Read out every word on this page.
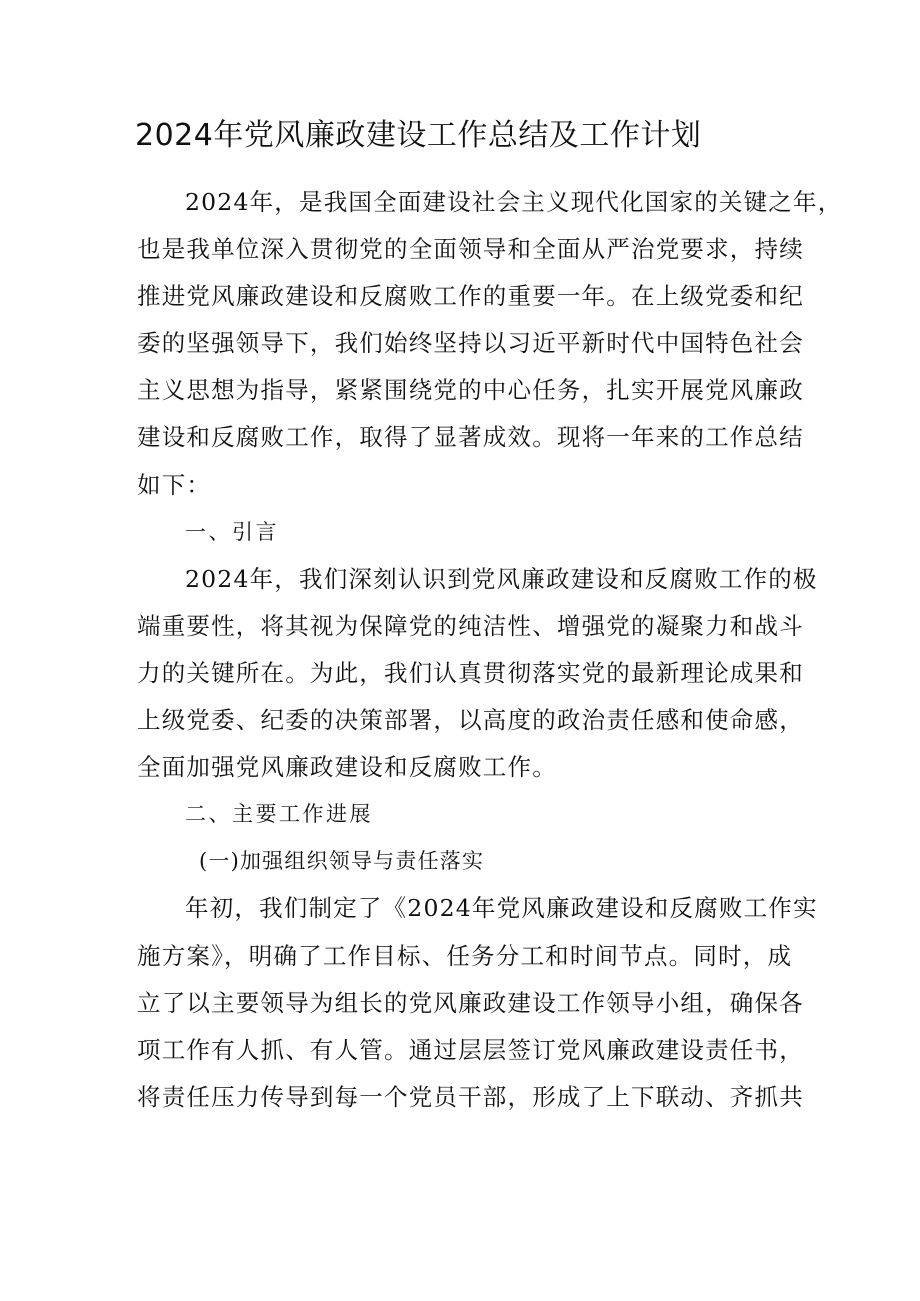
2024年党风廉政建设工作总结及工作计划

2024年，是我国全面建设社会主义现代化国家的关键之年，
也是我单位深入贯彻党的全面领导和全面从严治党要求，持续
推进党风廉政建设和反腐败工作的重要一年。在上级党委和纪
委的坚强领导下，我们始终坚持以习近平新时代中国特色社会
主义思想为指导，紧紧围绕党的中心任务，扎实开展党风廉政
建设和反腐败工作，取得了显著成效。现将一年来的工作总结
如下：

一、引言

2024年，我们深刻认识到党风廉政建设和反腐败工作的极
端重要性，将其视为保障党的纯洁性、增强党的凝聚力和战斗
力的关键所在。为此，我们认真贯彻落实党的最新理论成果和
上级党委、纪委的决策部署，以高度的政治责任感和使命感，
全面加强党风廉政建设和反腐败工作。

二、主要工作进展

(一)加强组织领导与责任落实

年初，我们制定了《2024年党风廉政建设和反腐败工作实
施方案》，明确了工作目标、任务分工和时间节点。同时，成
立了以主要领导为组长的党风廉政建设工作领导小组，确保各
项工作有人抓、有人管。通过层层签订党风廉政建设责任书，
将责任压力传导到每一个党员干部，形成了上下联动、齐抓共
